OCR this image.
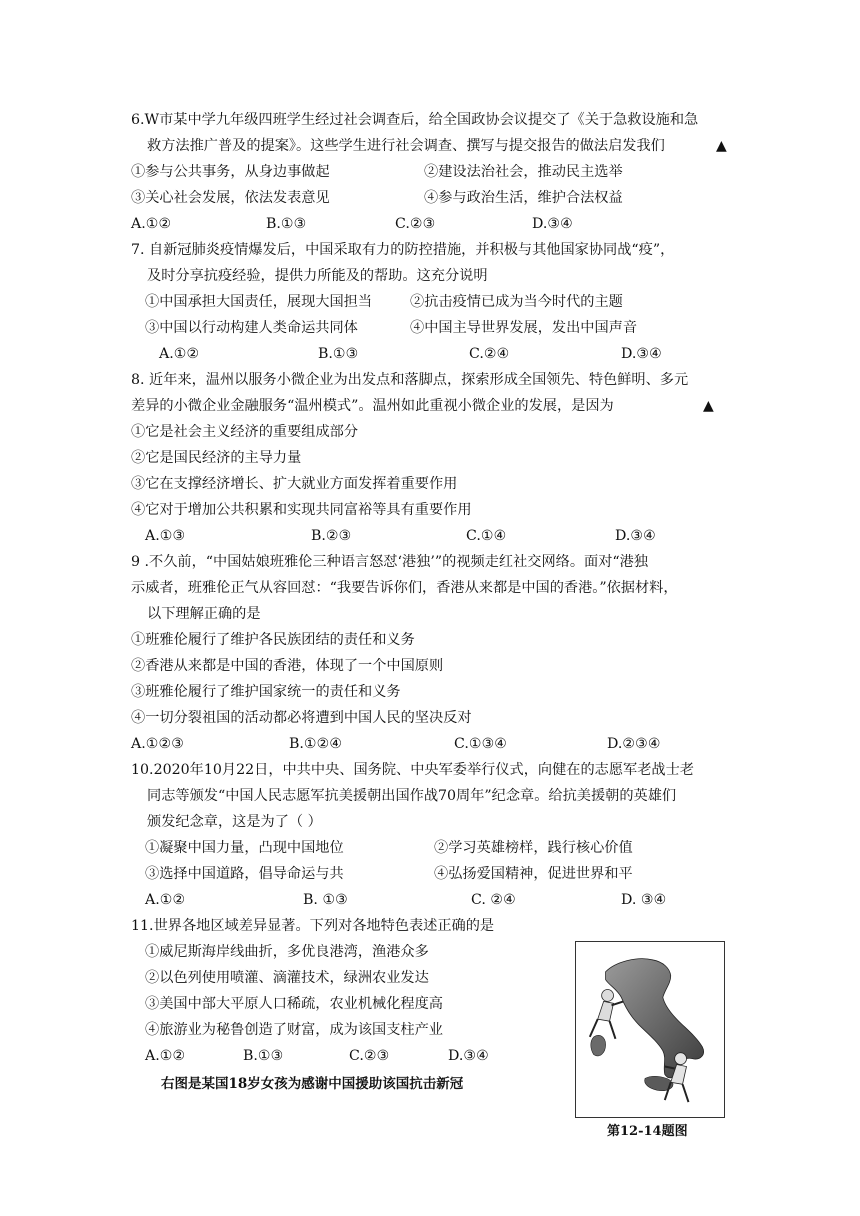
6.W市某中学九年级四班学生经过社会调查后，给全国政协会议提交了《关于急救设施和急
救方法推广普及的提案》。这些学生进行社会调查、撰写与提交报告的做法启发我们	▲
①参与公共事务，从身边事做起	②建设法治社会，推动民主选举
③关心社会发展，依法发表意见	④参与政治生活，维护合法权益
A.①②	B.①③	C.②③	D.③④
7. 自新冠肺炎疫情爆发后，中国采取有力的防控措施，并积极与其他国家协同战“疫”，
及时分享抗疫经验，提供力所能及的帮助。这充分说明
①中国承担大国责任，展现大国担当	②抗击疫情已成为当今时代的主题
③中国以行动构建人类命运共同体	④中国主导世界发展，发出中国声音
A.①②	B.①③	C.②④	D.③④
8. 近年来，温州以服务小微企业为出发点和落脚点，探索形成全国领先、特色鲜明、多元
差异的小微企业金融服务“温州模式”。温州如此重视小微企业的发展，是因为	▲
①它是社会主义经济的重要组成部分
②它是国民经济的主导力量
③它在支撑经济增长、扩大就业方面发挥着重要作用
④它对于增加公共积累和实现共同富裕等具有重要作用
A.①③	B.②③	C.①④	D.③④
9 .不久前，“中国姑娘班雅伦三种语言怒怼‘港独’”的视频走红社交网络。面对“港独
示威者，班雅伦正气从容回怼：“我要告诉你们，香港从来都是中国的香港。”依据材料，
以下理解正确的是
①班雅伦履行了维护各民族团结的责任和义务
②香港从来都是中国的香港，体现了一个中国原则
③班雅伦履行了维护国家统一的责任和义务
④一切分裂祖国的活动都必将遭到中国人民的坚决反对
A.①②③	B.①②④	C.①③④	D.②③④
10.2020年10月22日，中共中央、国务院、中央军委举行仪式，向健在的志愿军老战士老
同志等颁发“中国人民志愿军抗美援朝出国作战70周年”纪念章。给抗美援朝的英雄们
颁发纪念章，这是为了（ ）
①凝聚中国力量，凸现中国地位	②学习英雄榜样，践行核心价值
③选择中国道路，倡导命运与共	④弘扬爱国精神，促进世界和平
A.①②	B. ①③	C. ②④	D. ③④
11.世界各地区域差异显著。下列对各地特色表述正确的是
①威尼斯海岸线曲折，多优良港湾，渔港众多
②以色列使用喷灌、滴灌技术，绿洲农业发达
③美国中部大平原人口稀疏，农业机械化程度高
④旅游业为秘鲁创造了财富，成为该国支柱产业
A.①②	B.①③	C.②③	D.③④
右图是某国18岁女孩为感谢中国援助该国抗击新冠
第12-14题图
